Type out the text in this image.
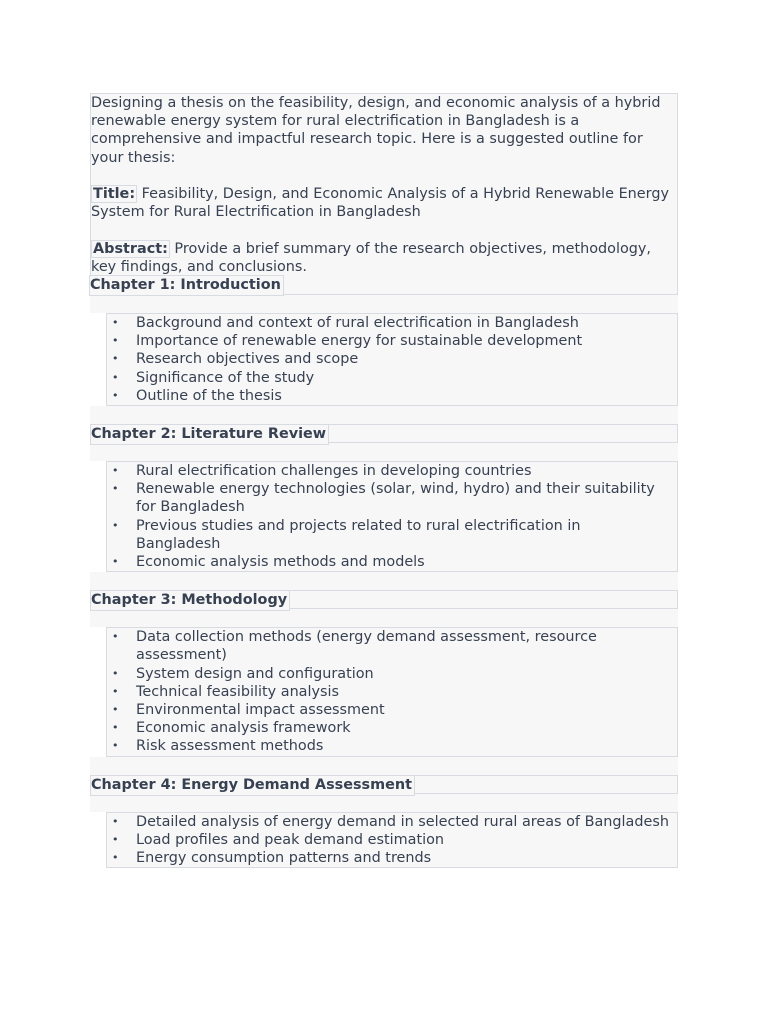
Designing a thesis on the feasibility, design, and economic analysis of a hybrid renewable energy system for rural electrification in Bangladesh is a comprehensive and impactful research topic. Here is a suggested outline for your thesis:

Title: Feasibility, Design, and Economic Analysis of a Hybrid Renewable Energy System for Rural Electrification in Bangladesh

Abstract: Provide a brief summary of the research objectives, methodology, key findings, and conclusions.

Chapter 1: Introduction
• Background and context of rural electrification in Bangladesh
• Importance of renewable energy for sustainable development
• Research objectives and scope
• Significance of the study
• Outline of the thesis
Chapter 2: Literature Review
• Rural electrification challenges in developing countries
• Renewable energy technologies (solar, wind, hydro) and their suitability for Bangladesh
• Previous studies and projects related to rural electrification in Bangladesh
• Economic analysis methods and models
Chapter 3: Methodology
• Data collection methods (energy demand assessment, resource assessment)
• System design and configuration
• Technical feasibility analysis
• Environmental impact assessment
• Economic analysis framework
• Risk assessment methods
Chapter 4: Energy Demand Assessment
• Detailed analysis of energy demand in selected rural areas of Bangladesh
• Load profiles and peak demand estimation
• Energy consumption patterns and trends
